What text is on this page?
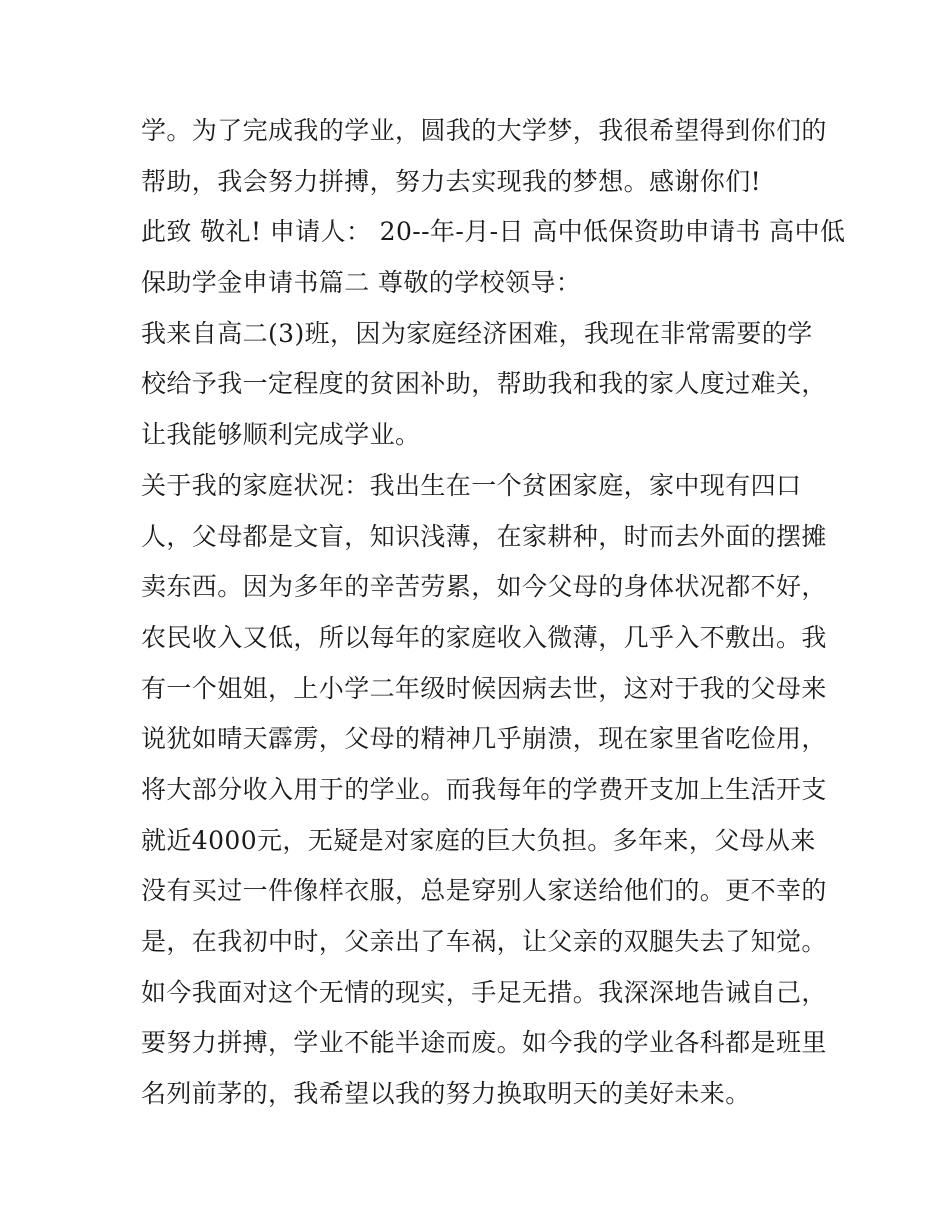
学。为了完成我的学业，圆我的大学梦，我很希望得到你们的
帮助，我会努力拼搏，努力去实现我的梦想。感谢你们!
此致 敬礼! 申请人： 20--年-月-日 高中低保资助申请书 高中低
保助学金申请书篇二 尊敬的学校领导：
我来自高二(3)班，因为家庭经济困难，我现在非常需要的学
校给予我一定程度的贫困补助，帮助我和我的家人度过难关，
让我能够顺利完成学业。
关于我的家庭状况：我出生在一个贫困家庭，家中现有四口
人，父母都是文盲，知识浅薄，在家耕种，时而去外面的摆摊
卖东西。因为多年的辛苦劳累，如今父母的身体状况都不好，
农民收入又低，所以每年的家庭收入微薄，几乎入不敷出。我
有一个姐姐，上小学二年级时候因病去世，这对于我的父母来
说犹如晴天霹雳，父母的精神几乎崩溃，现在家里省吃俭用，
将大部分收入用于的学业。而我每年的学费开支加上生活开支
就近4000元，无疑是对家庭的巨大负担。多年来，父母从来
没有买过一件像样衣服，总是穿别人家送给他们的。更不幸的
是，在我初中时，父亲出了车祸，让父亲的双腿失去了知觉。
如今我面对这个无情的现实，手足无措。我深深地告诫自己，
要努力拼搏，学业不能半途而废。如今我的学业各科都是班里
名列前茅的，我希望以我的努力换取明天的美好未来。
